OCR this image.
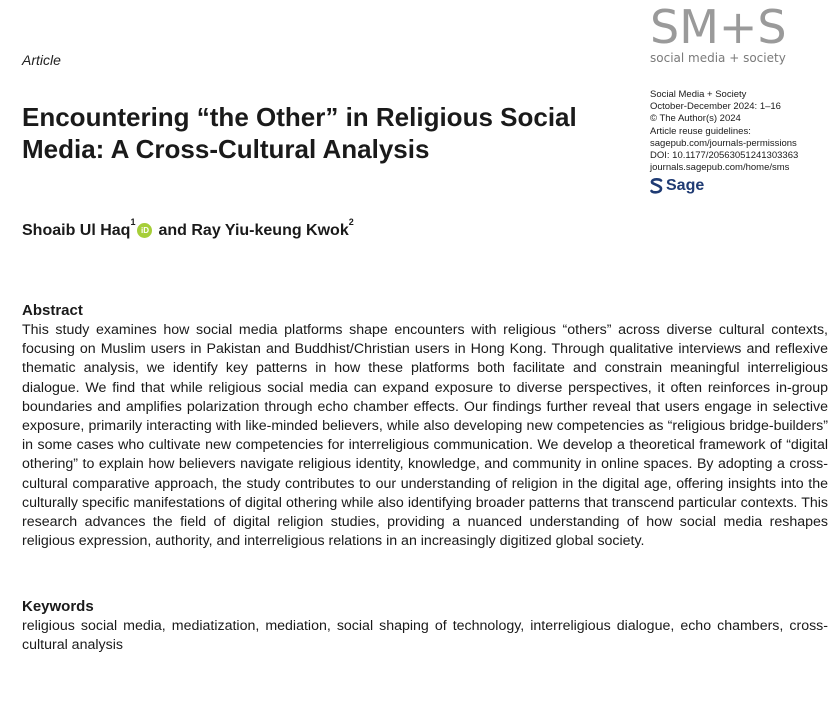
SM+S
social media + society
Article
Encountering “the Other” in Religious Social Media: A Cross-Cultural Analysis
Social Media + Society
October-December 2024: 1–16
© The Author(s) 2024
Article reuse guidelines:
sagepub.com/journals-permissions
DOI: 10.1177/20563051241303363
journals.sagepub.com/home/sms
Sage
Shoaib Ul Haq 1
iD and Ray Yiu-keung Kwok 2
Abstract

This study examines how social media platforms shape encounters with religious “others” across diverse cultural contexts, focusing on Muslim users in Pakistan and Buddhist/Christian users in Hong Kong. Through qualitative interviews and reflexive thematic analysis, we identify key patterns in how these platforms both facilitate and constrain meaningful interreligious dialogue. We find that while religious social media can expand exposure to diverse perspectives, it often reinforces in-group boundaries and amplifies polarization through echo chamber effects. Our findings further reveal that users engage in selective exposure, primarily interacting with like-minded believers, while also developing new competencies as “religious bridge-builders” in some cases who cultivate new competencies for interreligious communication. We develop a theoretical framework of “digital othering” to explain how believers navigate religious identity, knowledge, and community in online spaces. By adopting a cross-cultural comparative approach, the study contributes to our understanding of religion in the digital age, offering insights into the culturally specific manifestations of digital othering while also identifying broader patterns that transcend particular contexts. This research advances the field of digital religion studies, providing a nuanced understanding of how social media reshapes religious expression, authority, and interreligious relations in an increasingly digitized global society.

Keywords

religious social media, mediatization, mediation, social shaping of technology, interreligious dialogue, echo chambers, cross-cultural analysis
